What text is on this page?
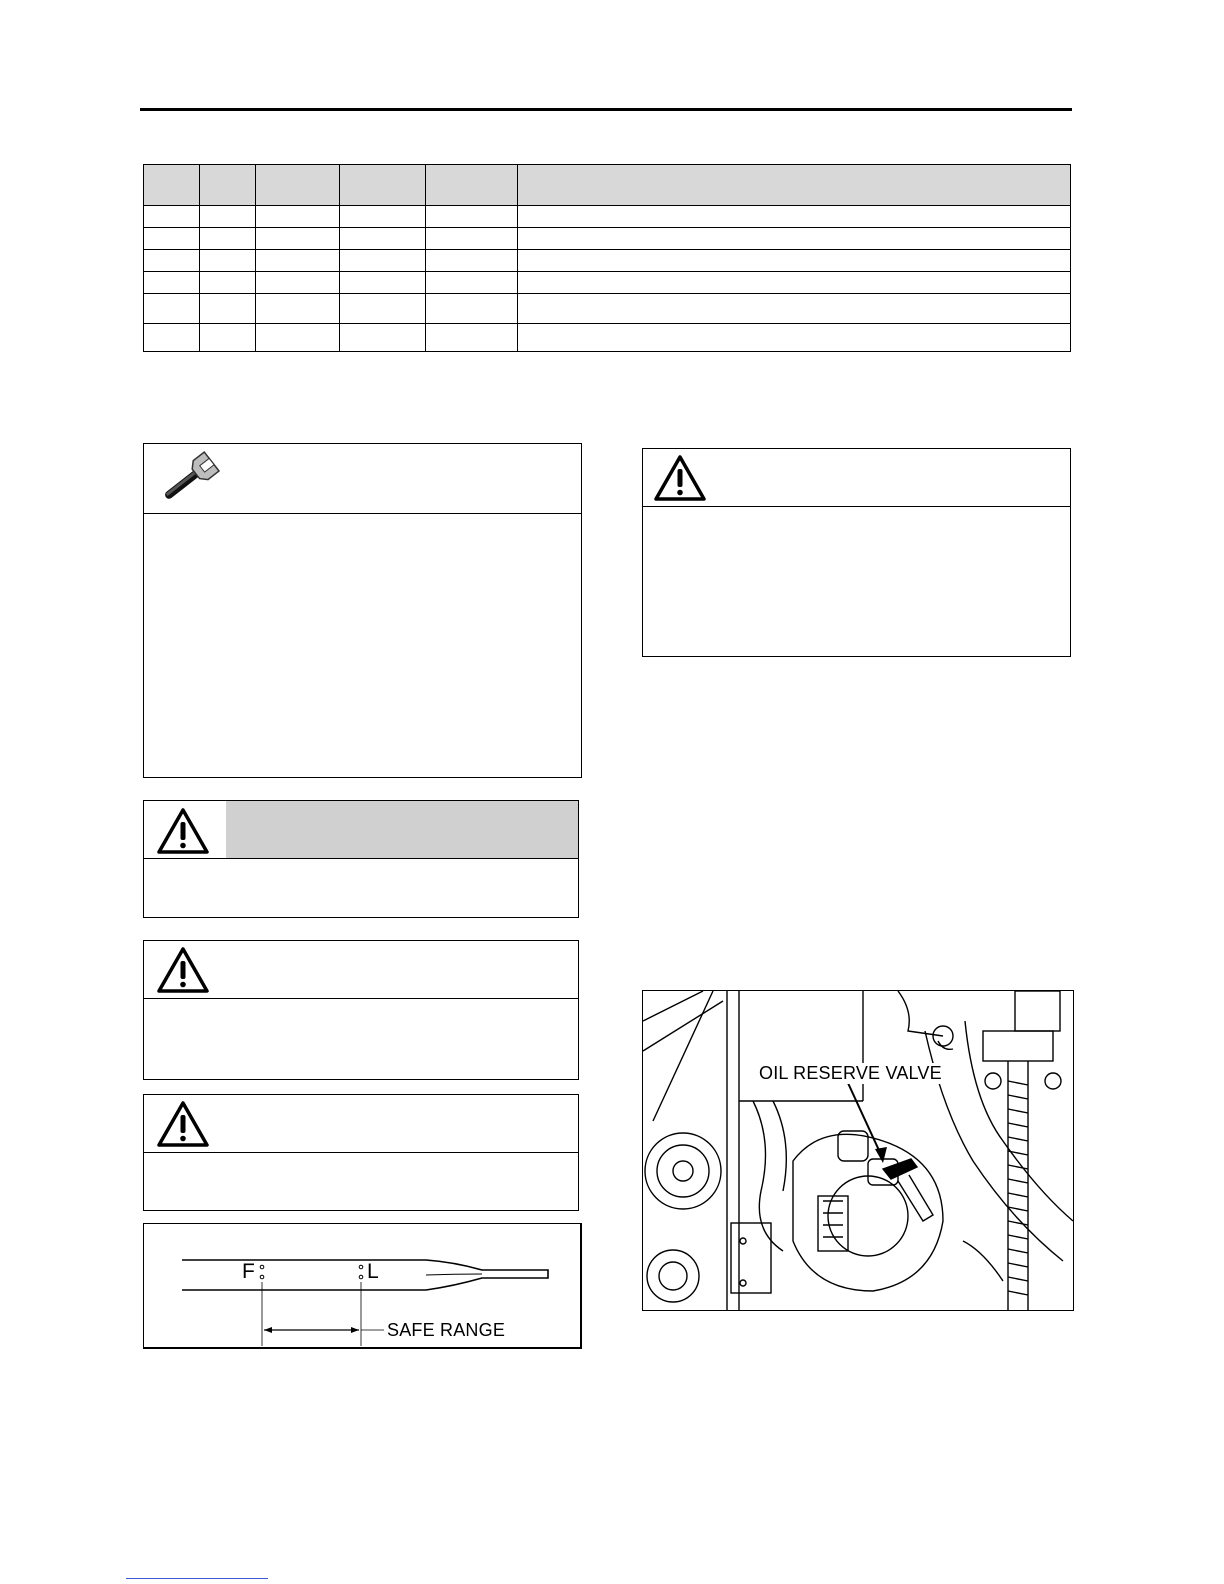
F	L
SAFE RANGE
OIL RESERVE VALVE
